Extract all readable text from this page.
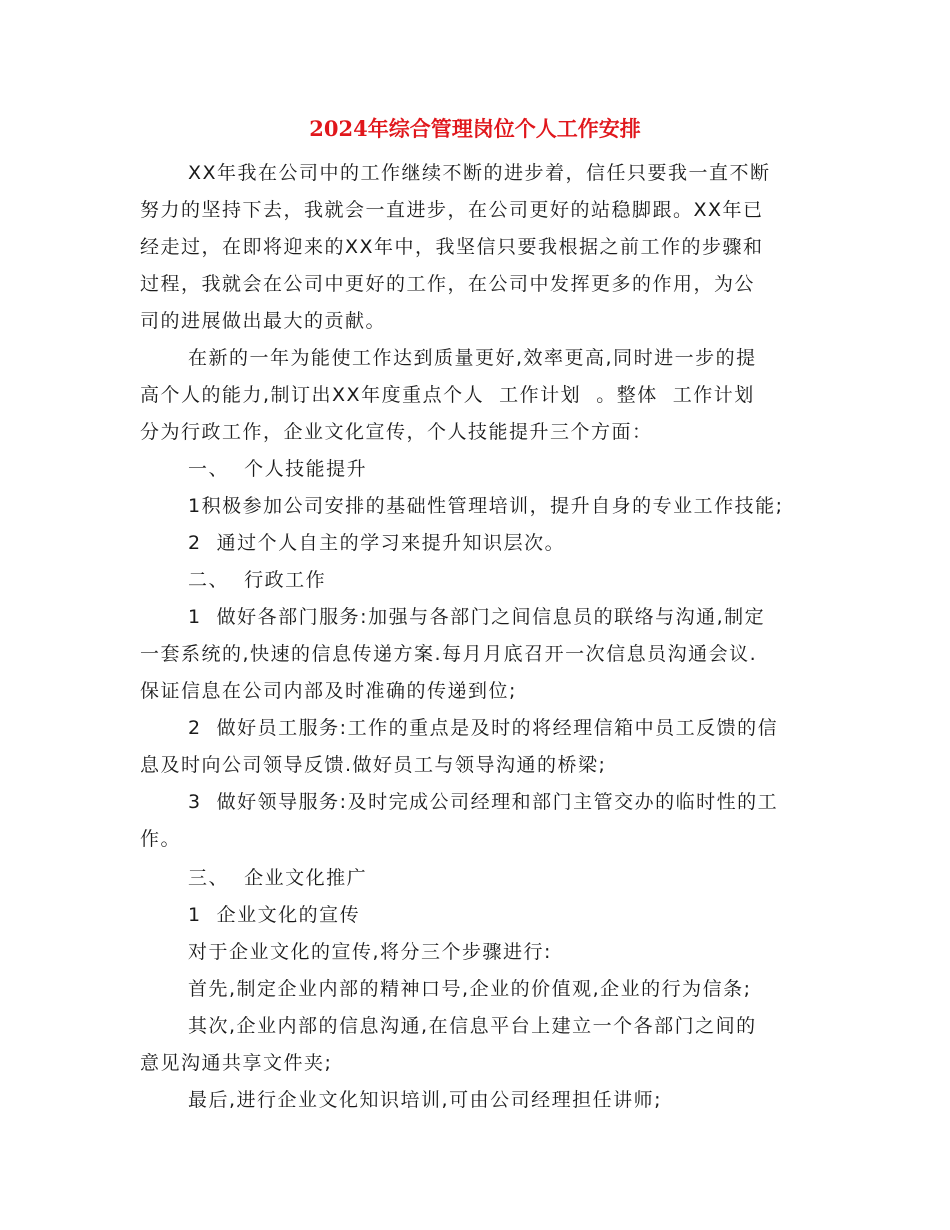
2024年综合管理岗位个人工作安排
XX年我在公司中的工作继续不断的进步着，信任只要我一直不断
努力的坚持下去，我就会一直进步，在公司更好的站稳脚跟。XX年已
经走过，在即将迎来的XX年中，我坚信只要我根据之前工作的步骤和
过程，我就会在公司中更好的工作，在公司中发挥更多的作用，为公
司的进展做出最大的贡献。
在新的一年为能使工作达到质量更好,效率更高,同时进一步的提
高个人的能力,制订出XX年度重点个人  工作计划  。整体  工作计划
分为行政工作，企业文化宣传，个人技能提升三个方面：
一、  个人技能提升
1积极参加公司安排的基础性管理培训，提升自身的专业工作技能;
2  通过个人自主的学习来提升知识层次。
二、  行政工作
1  做好各部门服务:加强与各部门之间信息员的联络与沟通,制定
一套系统的,快速的信息传递方案.每月月底召开一次信息员沟通会议.
保证信息在公司内部及时准确的传递到位;
2  做好员工服务:工作的重点是及时的将经理信箱中员工反馈的信
息及时向公司领导反馈.做好员工与领导沟通的桥梁;
3  做好领导服务:及时完成公司经理和部门主管交办的临时性的工
作。
三、  企业文化推广
1  企业文化的宣传
对于企业文化的宣传,将分三个步骤进行:
首先,制定企业内部的精神口号,企业的价值观,企业的行为信条;
其次,企业内部的信息沟通,在信息平台上建立一个各部门之间的
意见沟通共享文件夹;
最后,进行企业文化知识培训,可由公司经理担任讲师;
